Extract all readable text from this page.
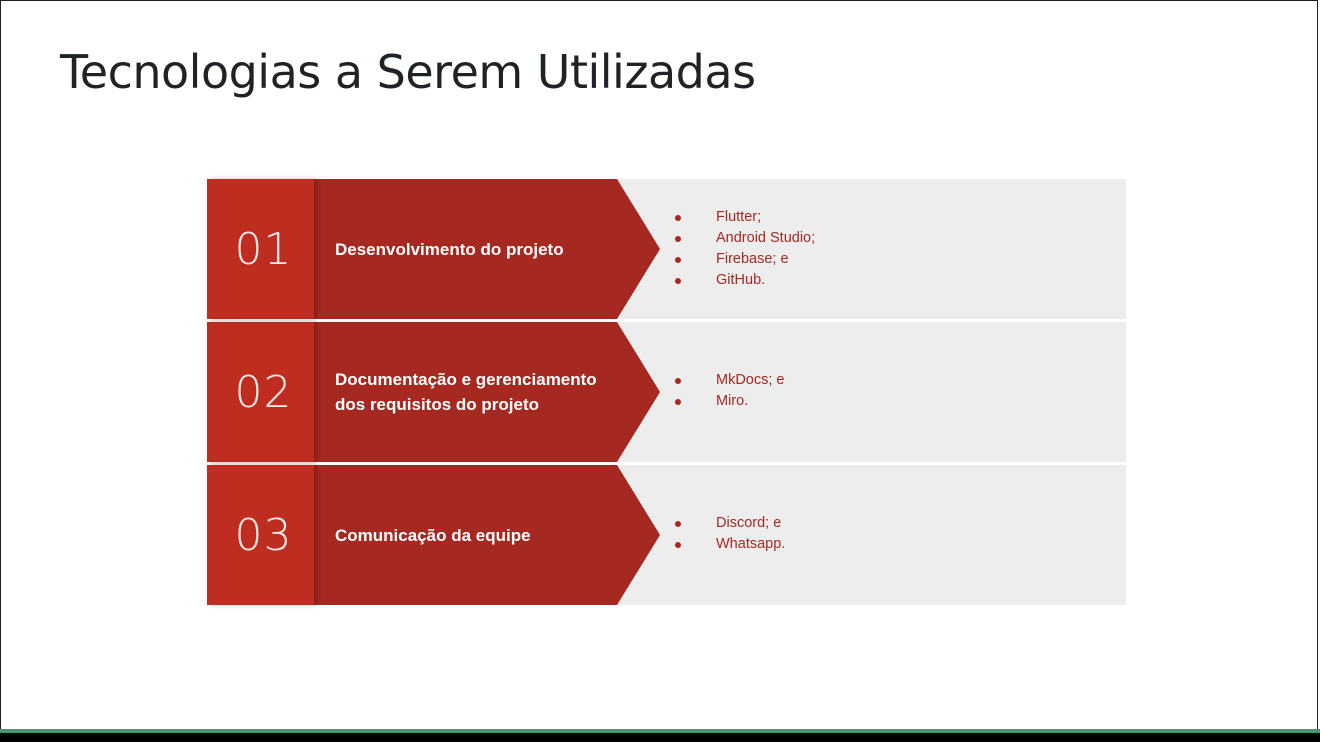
Tecnologias a Serem Utilizadas
01	Desenvolvimento do projeto
Flutter;
Android Studio;
Firebase; e
GitHub.
02	Documentação e gerenciamento dos requisitos do projeto
MkDocs; e
Miro.
03	Comunicação da equipe
Discord; e
Whatsapp.
